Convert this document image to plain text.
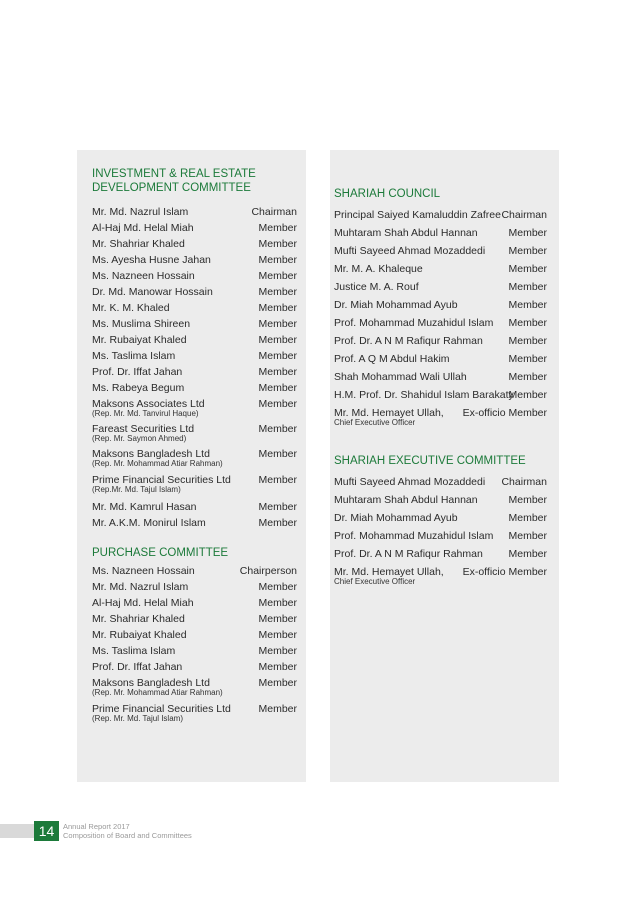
INVESTMENT & REAL ESTATE
DEVELOPMENT COMMITTEE
Mr. Md. Nazrul Islam	Chairman
Al-Haj Md. Helal Miah	Member
Mr. Shahriar Khaled	Member
Ms. Ayesha Husne Jahan	Member
Ms. Nazneen Hossain	Member
Dr. Md. Manowar Hossain	Member
Mr. K. M. Khaled	Member
Ms. Muslima Shireen	Member
Mr. Rubaiyat Khaled	Member
Ms. Taslima Islam	Member
Prof. Dr. Iffat Jahan	Member
Ms. Rabeya Begum	Member
Maksons Associates Ltd	Member
(Rep. Mr. Md. Tanvirul Haque)
Fareast Securities Ltd	Member
(Rep. Mr. Saymon Ahmed)
Maksons Bangladesh Ltd	Member
(Rep. Mr. Mohammad Atiar Rahman)
Prime Financial Securities Ltd	Member
(Rep.Mr. Md. Tajul Islam)
Mr. Md. Kamrul Hasan	Member
Mr. A.K.M. Monirul Islam	Member
PURCHASE COMMITTEE
Ms. Nazneen Hossain	Chairperson
Mr. Md. Nazrul Islam	Member
Al-Haj Md. Helal Miah	Member
Mr. Shahriar Khaled	Member
Mr. Rubaiyat Khaled	Member
Ms. Taslima Islam	Member
Prof. Dr. Iffat Jahan	Member
Maksons Bangladesh Ltd	Member
(Rep. Mr. Mohammad Atiar Rahman)
Prime Financial Securities Ltd	Member
(Rep. Mr. Md. Tajul Islam)
SHARIAH COUNCIL
Principal Saiyed Kamaluddin Zafree Chairman
Muhtaram Shah Abdul Hannan	Member
Mufti Sayeed Ahmad Mozaddedi Member
Mr. M. A. Khaleque	Member
Justice M. A. Rouf	Member
Dr. Miah Mohammad Ayub	Member
Prof. Mohammad Muzahidul Islam Member
Prof. Dr. A N M Rafiqur Rahman Member
Prof. A Q M Abdul Hakim	Member
Shah Mohammad Wali Ullah	Member
H.M. Prof. Dr. Shahidul Islam Barakaty
Member
Mr. Md. Hemayet Ullah, Ex-officio Member
Chief Executive Officer
SHARIAH EXECUTIVE COMMITTEE
Mufti Sayeed Ahmad Mozaddedi Chairman
Muhtaram Shah Abdul Hannan	Member
Dr. Miah Mohammad Ayub	Member
Prof. Mohammad Muzahidul Islam Member
Prof. Dr. A N M Rafiqur Rahman Member
Mr. Md. Hemayet Ullah, Ex-officio Member
Chief Executive Officer
14	Annual Report 2017
Composition of Board and Committees
